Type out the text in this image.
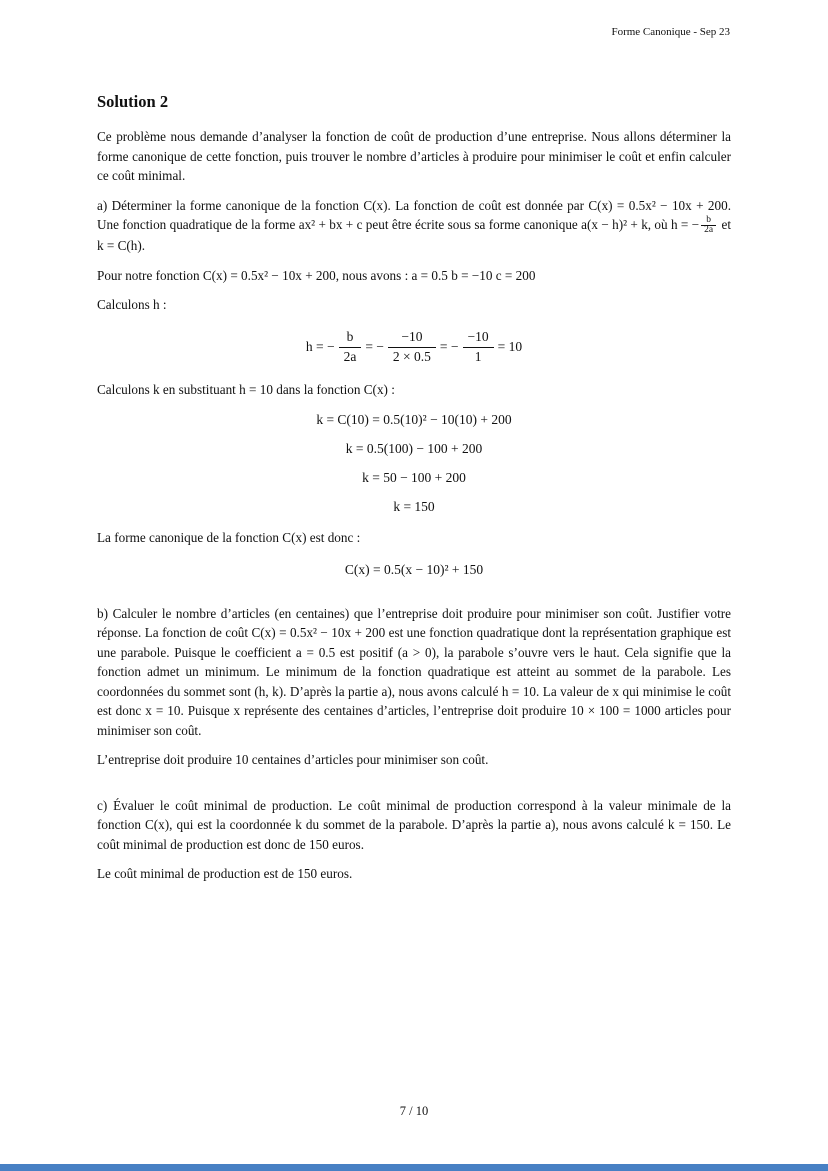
Forme Canonique - Sep 23
Solution 2

Ce problème nous demande d’analyser la fonction de coût de production d’une entreprise. Nous allons déterminer la forme canonique de cette fonction, puis trouver le nombre d’articles à produire pour minimiser le coût et enfin calculer ce coût minimal.

a) Déterminer la forme canonique de la fonction C(x). La fonction de coût est donnée par C(x) = 0.5x² − 10x + 200. Une fonction quadratique de la forme ax² + bx + c peut être écrite sous sa forme canonique a(x − h)² + k, où h = − $\frac{b}{2a}$ et k = C(h).

Pour notre fonction C(x) = 0.5x² − 10x + 200, nous avons : a = 0.5 b = −10 c = 200

Calculons h :

h = − $\frac{b}{2a}$ = − $\frac{-10}{2 \times 0.5}$ = − $\frac{-10}{1} = 10$

Calculons k en substituant h = 10 dans la fonction C(x) :

k = C(10) = 0.5(10)² − 10(10) + 200
k = 0.5(100) − 100 + 200
k = 50 − 100 + 200
k = 150

La forme canonique de la fonction C(x) est donc :

C(x) = 0.5(x − 10)² + 150

b) Calculer le nombre d’articles (en centaines) que l’entreprise doit produire pour minimiser son coût. Justifier votre réponse. La fonction de coût C(x) = 0.5x² − 10x + 200 est une fonction quadratique dont la représentation graphique est une parabole. Puisque le coefficient a = 0.5 est positif (a > 0), la parabole s’ouvre vers le haut. Cela signifie que la fonction admet un minimum. Le minimum de la fonction quadratique est atteint au sommet de la parabole. Les coordonnées du sommet sont (h, k). D’après la partie a), nous avons calculé h = 10. La valeur de x qui minimise le coût est donc x = 10. Puisque x représente des centaines d’articles, l’entreprise doit produire 10 × 100 = 1000 articles pour minimiser son coût.

L’entreprise doit produire 10 centaines d’articles pour minimiser son coût.

c) Évaluer le coût minimal de production. Le coût minimal de production correspond à la valeur minimale de la fonction C(x), qui est la coordonnée k du sommet de la parabole. D’après la partie a), nous avons calculé k = 150. Le coût minimal de production est donc de 150 euros.

Le coût minimal de production est de 150 euros.

7 / 10
